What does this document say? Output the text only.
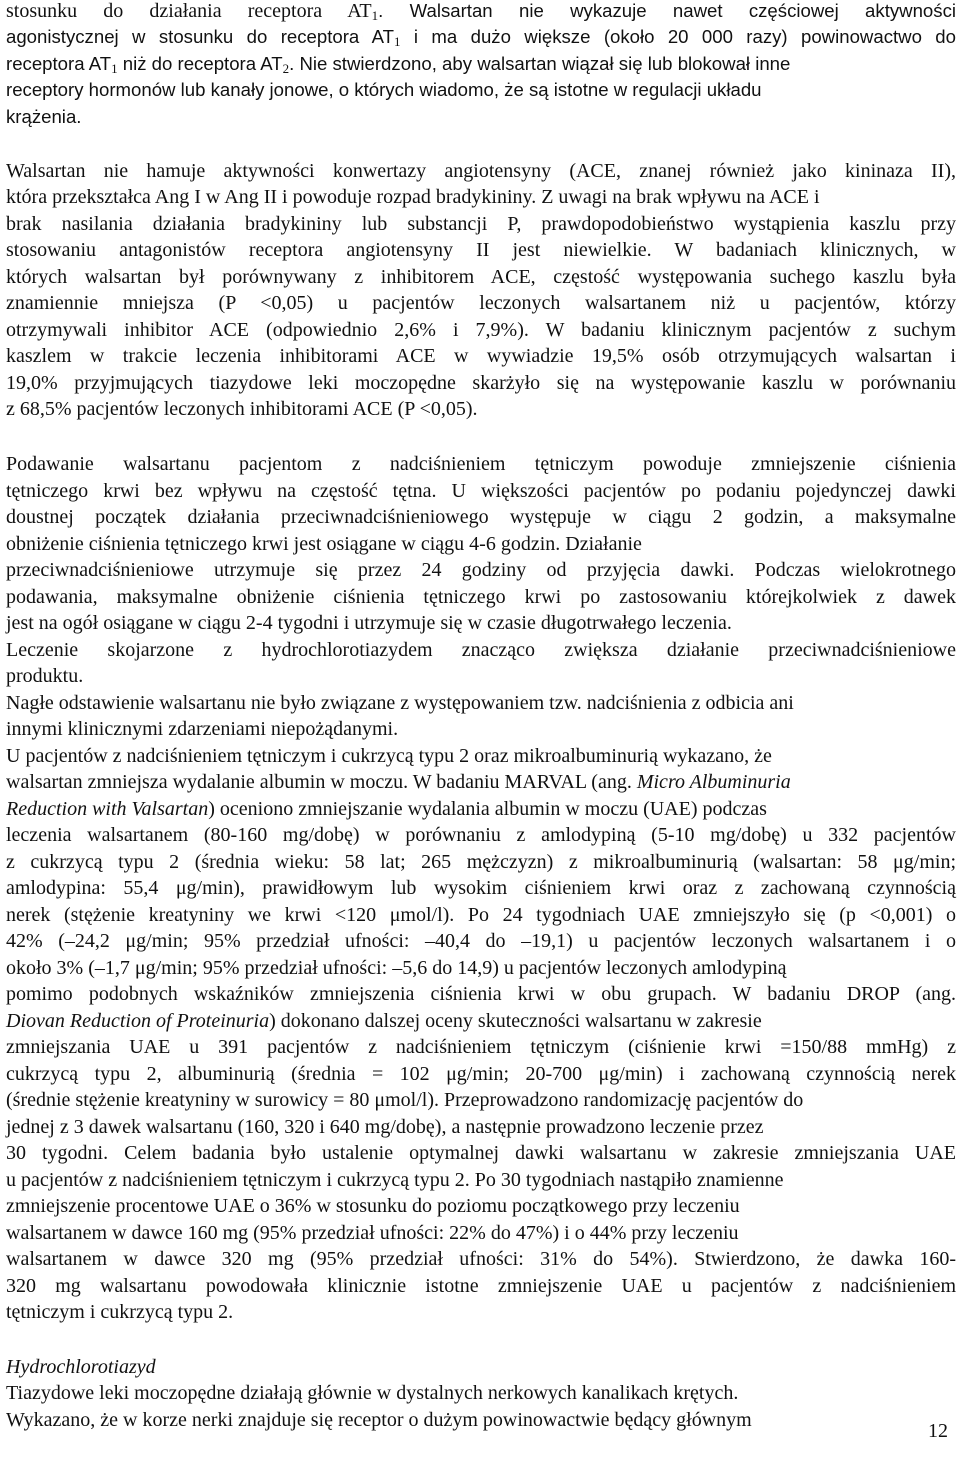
stosunku do działania receptora $AT_1$. Walsartan nie wykazuje nawet częściowej aktywności
agonistycznej w stosunku do receptora $AT_1$ i ma dużo większe (około 20 000 razy) powinowactwo do
receptora $AT_1$ niż do receptora $AT_2$. Nie stwierdzono, aby walsartan wiązał się lub blokował inne
receptory hormonów lub kanały jonowe, o których wiadomo, że są istotne w regulacji układu
krążenia.
Walsartan nie hamuje aktywności konwertazy angiotensyny (ACE, znanej również jako kininaza II),
która przekształca Ang I w Ang II i powoduje rozpad bradykininy. Z uwagi na brak wpływu na ACE i
brak nasilania działania bradykininy lub substancji P, prawdopodobieństwo wystąpienia kaszlu przy
stosowaniu antagonistów receptora angiotensyny II jest niewielkie. W badaniach klinicznych, w
których walsartan był porównywany z inhibitorem ACE, częstość występowania suchego kaszlu była
znamiennie mniejsza (P <0,05) u pacjentów leczonych walsartanem niż u pacjentów, którzy
otrzymywali inhibitor ACE (odpowiednio 2,6% i 7,9%). W badaniu klinicznym pacjentów z suchym
kaszlem w trakcie leczenia inhibitorami ACE w wywiadzie 19,5% osób otrzymujących walsartan i
19,0% przyjmujących tiazydowe leki moczopędne skarżyło się na występowanie kaszlu w porównaniu
z 68,5% pacjentów leczonych inhibitorami ACE (P <0,05).
Podawanie walsartanu pacjentom z nadciśnieniem tętniczym powoduje zmniejszenie ciśnienia
tętniczego krwi bez wpływu na częstość tętna. U większości pacjentów po podaniu pojedynczej dawki
doustnej początek działania przeciwnadciśnieniowego występuje w ciągu 2 godzin, a maksymalne
obniżenie ciśnienia tętniczego krwi jest osiągane w ciągu 4-6 godzin. Działanie
przeciwnadciśnieniowe utrzymuje się przez 24 godziny od przyjęcia dawki. Podczas wielokrotnego
podawania, maksymalne obniżenie ciśnienia tętniczego krwi po zastosowaniu którejkolwiek z dawek
jest na ogół osiągane w ciągu 2-4 tygodni i utrzymuje się w czasie długotrwałego leczenia.
Leczenie skojarzone z hydrochlorotiazydem znacząco zwiększa działanie przeciwnadciśnieniowe
produktu.
Nagłe odstawienie walsartanu nie było związane z występowaniem tzw. nadciśnienia z odbicia ani
innymi klinicznymi zdarzeniami niepożądanymi.
U pacjentów z nadciśnieniem tętniczym i cukrzycą typu 2 oraz mikroalbuminurią wykazano, że
walsartan zmniejsza wydalanie albumin w moczu. W badaniu MARVAL (ang. Micro Albuminuria
Reduction with Valsartan) oceniono zmniejszanie wydalania albumin w moczu (UAE) podczas
leczenia walsartanem (80-160 mg/dobę) w porównaniu z amlodypiną (5-10 mg/dobę) u 332 pacjentów
z cukrzycą typu 2 (średnia wieku: 58 lat; 265 mężczyzn) z mikroalbuminurią (walsartan: 58 μg/min;
amlodypina: 55,4 μg/min), prawidłowym lub wysokim ciśnieniem krwi oraz z zachowaną czynnością
nerek (stężenie kreatyniny we krwi <120 μmol/l). Po 24 tygodniach UAE zmniejszyło się (p <0,001) o
42% (–24,2 μg/min; 95% przedział ufności: –40,4 do –19,1) u pacjentów leczonych walsartanem i o
około 3% (–1,7 μg/min; 95% przedział ufności: –5,6 do 14,9) u pacjentów leczonych amlodypiną
pomimo podobnych wskaźników zmniejszenia ciśnienia krwi w obu grupach. W badaniu DROP (ang.
Diovan Reduction of Proteinuria) dokonano dalszej oceny skuteczności walsartanu w zakresie
zmniejszania UAE u 391 pacjentów z nadciśnieniem tętniczym (ciśnienie krwi =150/88 mmHg) z
cukrzycą typu 2, albuminurią (średnia = 102 μg/min; 20-700 μg/min) i zachowaną czynnością nerek
(średnie stężenie kreatyniny w surowicy = 80 μmol/l). Przeprowadzono randomizację pacjentów do
jednej z 3 dawek walsartanu (160, 320 i 640 mg/dobę), a następnie prowadzono leczenie przez
30 tygodni. Celem badania było ustalenie optymalnej dawki walsartanu w zakresie zmniejszania UAE
u pacjentów z nadciśnieniem tętniczym i cukrzycą typu 2. Po 30 tygodniach nastąpiło znamienne
zmniejszenie procentowe UAE o 36% w stosunku do poziomu początkowego przy leczeniu
walsartanem w dawce 160 mg (95% przedział ufności: 22% do 47%) i o 44% przy leczeniu
walsartanem w dawce 320 mg (95% przedział ufności: 31% do 54%). Stwierdzono, że dawka 160-
320 mg walsartanu powodowała klinicznie istotne zmniejszenie UAE u pacjentów z nadciśnieniem
tętniczym i cukrzycą typu 2.
Hydrochlorotiazyd
Tiazydowe leki moczopędne działają głównie w dystalnych nerkowych kanalikach krętych.
Wykazano, że w korze nerki znajduje się receptor o dużym powinowactwie będący głównym	12
